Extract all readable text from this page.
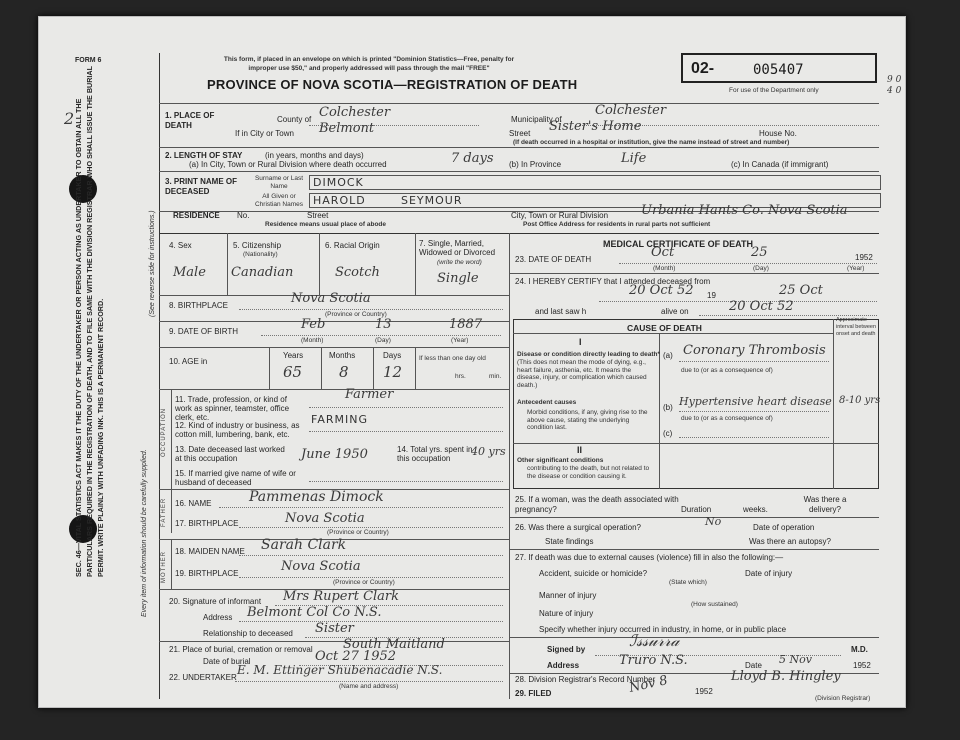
SEC. 46—VITAL STATISTICS ACT MAKES IT THE DUTY OF THE UNDERTAKER OR PERSON ACTING AS UNDERTAKER TO OBTAIN ALL THE PARTICULARS REQUIRED IN THE REGISTRATION OF DEATH, AND TO FILE SAME WITH THE DIVISION REGISTRAR WHO SHALL ISSUE THE BURIAL PERMIT. WRITE PLAINLY WITH UNFADING INK. THIS IS A PERMANENT RECORD.	Every item of information should be carefully supplied.
(See reverse side for instructions.)
FORM 6
2
This form, if placed in an envelope on which is printed "Dominion Statistics—Free, penalty for improper use $50," and properly addressed will pass through the mail "FREE"
PROVINCE OF NOVA SCOTIA—REGISTRATION OF DEATH
02-	005407
For use of the Department only
9 0 4 0
1. PLACE OF DEATH
County of Colchester	Municipality of
Colchester
If in City or Town Belmont	Street Sister's Home	House No.
(If death occurred in a hospital or institution, give the name instead of street and number)
2. LENGTH OF STAY	(in years, months and days)
(a) In City, Town or Rural Division where death occurred	7 days (b) In Province	Life	(c) In Canada (if immigrant)
3. PRINT NAME OF DECEASED
Surname or Last Name
All Given or Christian Names
DIMOCK
HAROLD	SEYMOUR
RESIDENCE No.	Street	City, Town or Rural Division	Urbania Hants Co. Nova Scotia
Post Office Address for residents in rural parts not sufficient
Residence means usual place of abode
4. Sex
Male
5. Citizenship
(Nationality)
Canadian
6. Racial Origin
Scotch
7. Single, Married, Widowed or Divorced
(write the word)
Single
8. BIRTHPLACE	Nova Scotia
(Province or Country)
9. DATE OF BIRTH	Feb	13	1887
(Month)	(Day)	(Year)
10. AGE in
Years	Months	Days
65 8 12
If less than one day old
hrs.	min.
OCCUPATION
11. Trade, profession, or kind of work as spinner, teamster, office clerk, etc.
Farmer
12. Kind of industry or business, as cotton mill, lumbering, bank, etc.
FARMING
13. Date deceased last worked at this occupation	June 1950	14. Total yrs. spent in this occupation
40 yrs
15. If married give name of wife or husband of deceased
FATHER 16. NAME	Pammenas Dimock
17. BIRTHPLACE	Nova Scotia
(Province or Country)
MOTHER 18. MAIDEN NAME Sarah Clark
19. BIRTHPLACE	Nova Scotia
(Province or Country)
20. Signature of informant Mrs Rupert Clark
Address Belmont Col Co N.S.
Relationship to deceased Sister
21. Place of burial, cremation or removal South Maitland
Date of burial	Oct 27 1952
22. UNDERTAKER
E. M. Ettinger Shubenacadie N.S.
(Name and address)
MEDICAL CERTIFICATE OF DEATH
23. DATE OF DEATH	Oct	25	1952
(Month)	(Day)	(Year)
24. I HEREBY CERTIFY that I attended deceased from
20 Oct 52 19	25 Oct
and last saw h	alive on	20 Oct 52
CAUSE OF DEATH
Approximate interval between onset and death
I
Disease or condition directly leading to death*
(This does not mean the mode of dying, e.g., heart failure, asthenia, etc. It means the disease, injury, or complication which caused death.)
(a) Coronary Thrombosis
due to (or as a consequence of)
Antecedent causes
Morbid conditions, if any, giving rise to the above cause, stating the underlying condition last.
(b) Hypertensive heart disease 8-10 yrs
due to (or as a consequence of)
(c)
II
Other significant conditions
contributing to the death, but not related to the disease or condition causing it.
25. If a woman, was the death associated with pregnancy?	Duration	weeks.
Was there a delivery?
26. Was there a surgical operation?	No	Date of operation
State findings	Was there an autopsy?
27. If death was due to external causes (violence) fill in also the following:—
Accident, suicide or homicide?
(State which)
Date of injury
Manner of injury
(How sustained)
Nature of injury
Specify whether injury occurred in industry, in home, or in public place
Signed by	ℐ𝓈𝓈𝓊𝓇𝓇𝒶	M.D.
Address	Truro N.S.	Date 5 Nov	1952
28. Division Registrar's Record Number
29. FILED	Nov 8	1952
Lloyd B. Hingley
(Division Registrar)
